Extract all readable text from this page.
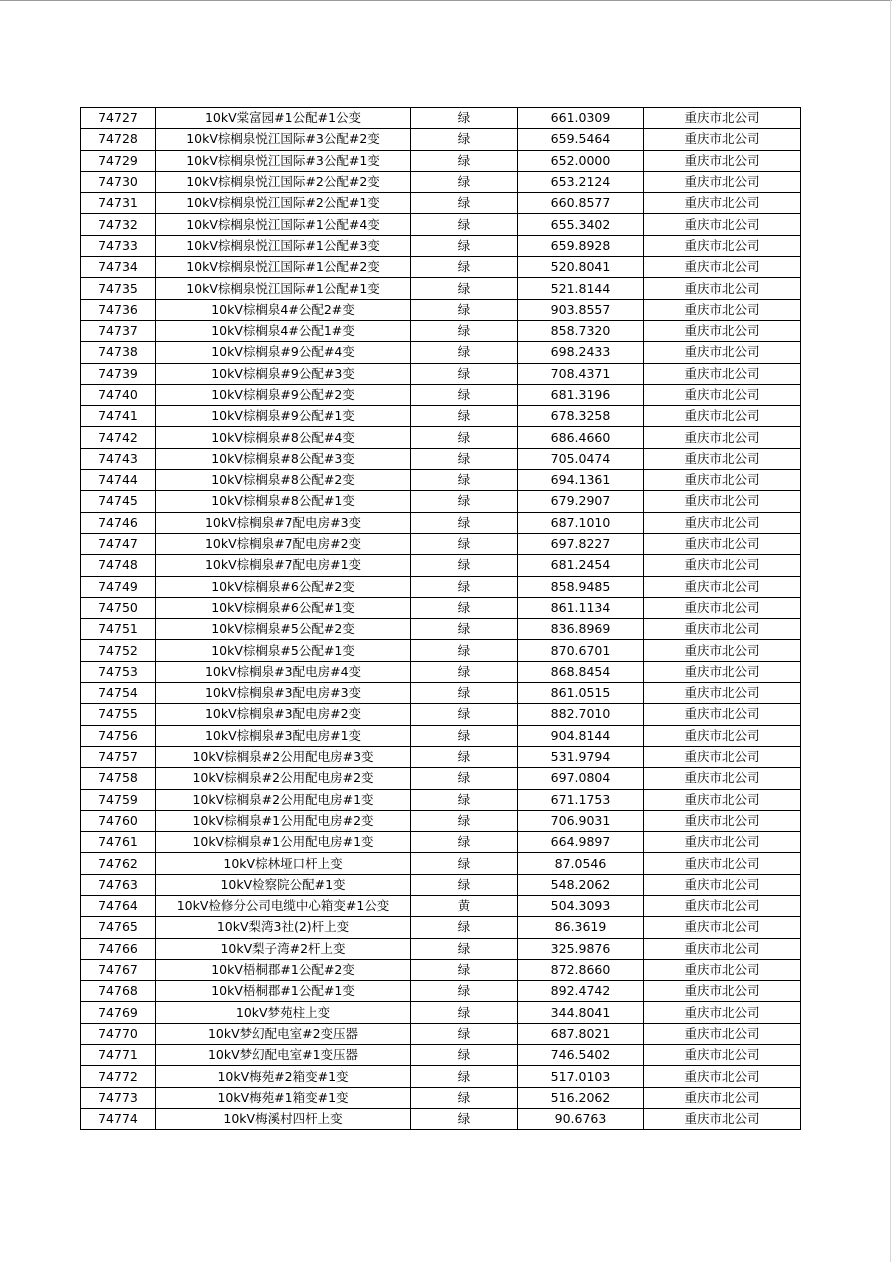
74727	10kV棠富园#1公配#1公变	绿	661.0309	重庆市北公司
74728	10kV棕榈泉悦江国际#3公配#2变	绿	659.5464	重庆市北公司
74729	10kV棕榈泉悦江国际#3公配#1变	绿	652.0000	重庆市北公司
74730	10kV棕榈泉悦江国际#2公配#2变	绿	653.2124	重庆市北公司
74731	10kV棕榈泉悦江国际#2公配#1变	绿	660.8577	重庆市北公司
74732	10kV棕榈泉悦江国际#1公配#4变	绿	655.3402	重庆市北公司
74733	10kV棕榈泉悦江国际#1公配#3变	绿	659.8928	重庆市北公司
74734	10kV棕榈泉悦江国际#1公配#2变	绿	520.8041	重庆市北公司
74735	10kV棕榈泉悦江国际#1公配#1变	绿	521.8144	重庆市北公司
74736	10kV棕榈泉4#公配2#变	绿	903.8557	重庆市北公司
74737	10kV棕榈泉4#公配1#变	绿	858.7320	重庆市北公司
74738	10kV棕榈泉#9公配#4变	绿	698.2433	重庆市北公司
74739	10kV棕榈泉#9公配#3变	绿	708.4371	重庆市北公司
74740	10kV棕榈泉#9公配#2变	绿	681.3196	重庆市北公司
74741	10kV棕榈泉#9公配#1变	绿	678.3258	重庆市北公司
74742	10kV棕榈泉#8公配#4变	绿	686.4660	重庆市北公司
74743	10kV棕榈泉#8公配#3变	绿	705.0474	重庆市北公司
74744	10kV棕榈泉#8公配#2变	绿	694.1361	重庆市北公司
74745	10kV棕榈泉#8公配#1变	绿	679.2907	重庆市北公司
74746	10kV棕榈泉#7配电房#3变	绿	687.1010	重庆市北公司
74747	10kV棕榈泉#7配电房#2变	绿	697.8227	重庆市北公司
74748	10kV棕榈泉#7配电房#1变	绿	681.2454	重庆市北公司
74749	10kV棕榈泉#6公配#2变	绿	858.9485	重庆市北公司
74750	10kV棕榈泉#6公配#1变	绿	861.1134	重庆市北公司
74751	10kV棕榈泉#5公配#2变	绿	836.8969	重庆市北公司
74752	10kV棕榈泉#5公配#1变	绿	870.6701	重庆市北公司
74753	10kV棕榈泉#3配电房#4变	绿	868.8454	重庆市北公司
74754	10kV棕榈泉#3配电房#3变	绿	861.0515	重庆市北公司
74755	10kV棕榈泉#3配电房#2变	绿	882.7010	重庆市北公司
74756	10kV棕榈泉#3配电房#1变	绿	904.8144	重庆市北公司
74757	10kV棕榈泉#2公用配电房#3变	绿	531.9794	重庆市北公司
74758	10kV棕榈泉#2公用配电房#2变	绿	697.0804	重庆市北公司
74759	10kV棕榈泉#2公用配电房#1变	绿	671.1753	重庆市北公司
74760	10kV棕榈泉#1公用配电房#2变	绿	706.9031	重庆市北公司
74761	10kV棕榈泉#1公用配电房#1变	绿	664.9897	重庆市北公司
74762	10kV棕林垭口杆上变	绿	87.0546	重庆市北公司
74763	10kV检察院公配#1变	绿	548.2062	重庆市北公司
74764	10kV检修分公司电缆中心箱变#1公变	黄	504.3093	重庆市北公司
74765	10kV梨湾3社(2)杆上变	绿	86.3619	重庆市北公司
74766	10kV梨子湾#2杆上变	绿	325.9876	重庆市北公司
74767	10kV梧桐郡#1公配#2变	绿	872.8660	重庆市北公司
74768	10kV梧桐郡#1公配#1变	绿	892.4742	重庆市北公司
74769	10kV梦苑柱上变	绿	344.8041	重庆市北公司
74770	10kV梦幻配电室#2变压器	绿	687.8021	重庆市北公司
74771	10kV梦幻配电室#1变压器	绿	746.5402	重庆市北公司
74772	10kV梅苑#2箱变#1变	绿	517.0103	重庆市北公司
74773	10kV梅苑#1箱变#1变	绿	516.2062	重庆市北公司
74774	10kV梅溪村四杆上变	绿	90.6763	重庆市北公司
